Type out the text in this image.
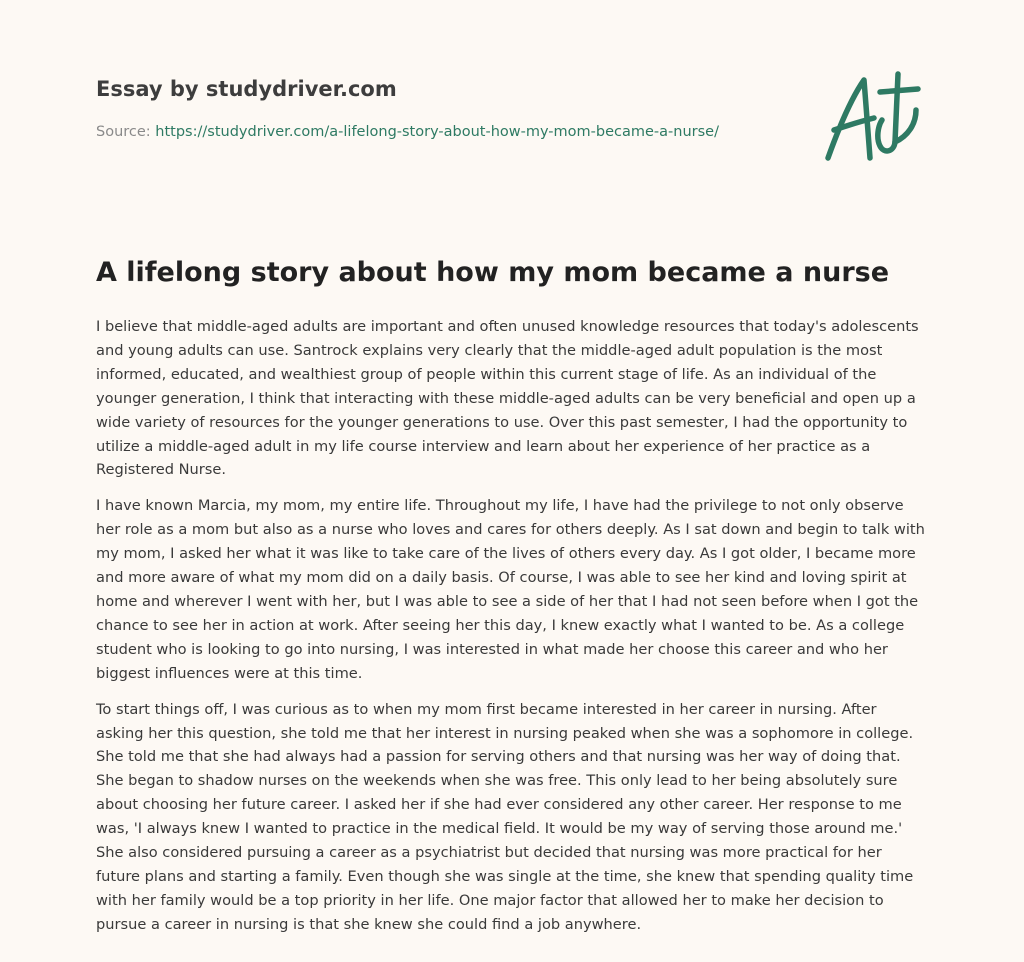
Essay by studydriver.com
Source: https://studydriver.com/a-lifelong-story-about-how-my-mom-became-a-nurse/
A lifelong story about how my mom became a nurse

I believe that middle-aged adults are important and often unused knowledge resources that today's adolescents and young adults can use. Santrock explains very clearly that the middle-aged adult population is the most informed, educated, and wealthiest group of people within this current stage of life. As an individual of the younger generation, I think that interacting with these middle-aged adults can be very beneficial and open up a wide variety of resources for the younger generations to use. Over this past semester, I had the opportunity to utilize a middle-aged adult in my life course interview and learn about her experience of her practice as a Registered Nurse.

I have known Marcia, my mom, my entire life. Throughout my life, I have had the privilege to not only observe her role as a mom but also as a nurse who loves and cares for others deeply. As I sat down and begin to talk with my mom, I asked her what it was like to take care of the lives of others every day. As I got older, I became more and more aware of what my mom did on a daily basis. Of course, I was able to see her kind and loving spirit at home and wherever I went with her, but I was able to see a side of her that I had not seen before when I got the chance to see her in action at work. After seeing her this day, I knew exactly what I wanted to be. As a college student who is looking to go into nursing, I was interested in what made her choose this career and who her biggest influences were at this time.

To start things off, I was curious as to when my mom first became interested in her career in nursing. After asking her this question, she told me that her interest in nursing peaked when she was a sophomore in college. She told me that she had always had a passion for serving others and that nursing was her way of doing that. She began to shadow nurses on the weekends when she was free. This only lead to her being absolutely sure about choosing her future career. I asked her if she had ever considered any other career. Her response to me was, 'I always knew I wanted to practice in the medical field. It would be my way of serving those around me.' She also considered pursuing a career as a psychiatrist but decided that nursing was more practical for her future plans and starting a family. Even though she was single at the time, she knew that spending quality time with her family would be a top priority in her life. One major factor that allowed her to make her decision to pursue a career in nursing is that she knew she could find a job anywhere.
